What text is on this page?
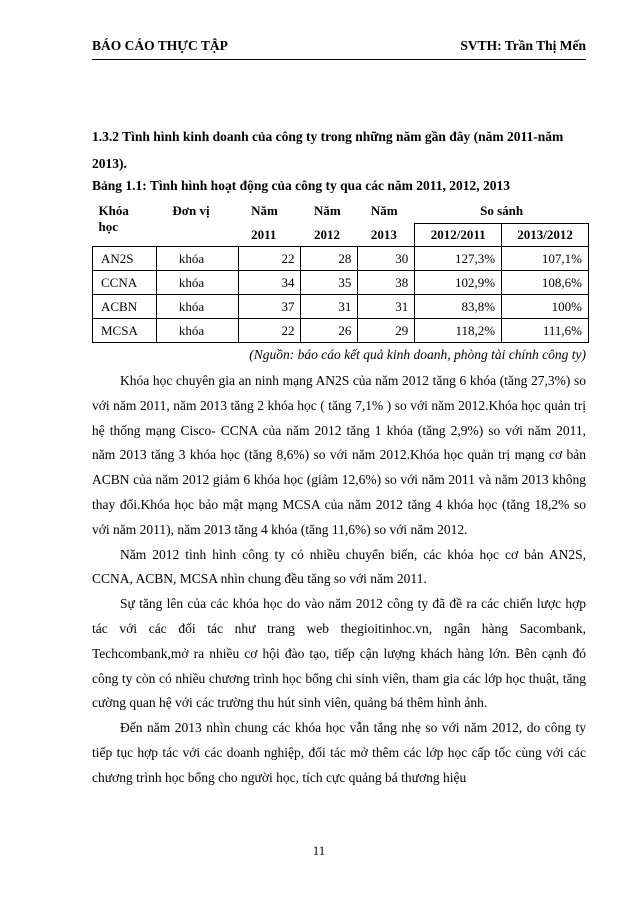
BÁO CÁO THỰC TẬP	SVTH: Trần Thị Mến

1.3.2 Tình hình kinh doanh của công ty trong những năm gần đây (năm 2011-năm 2013).

Bảng 1.1: Tình hình hoạt động của công ty qua các năm 2011, 2012, 2013

Khóa học	Đơn vị	Năm	Năm	Năm	So sánh	
		2011	2012	2013	2012/2011	2013/2012
AN2S	khóa	22	28	30	127,3%	107,1%
CCNA	khóa	34	35	38	102,9%	108,6%
ACBN	khóa	37	31	31	83,8%	100%
MCSA	khóa	22	26	29	118,2%	111,6%

(Nguồn: báo cáo kết quả kinh doanh, phòng tài chính công ty)

Khóa học chuyên gia an ninh mạng AN2S của năm 2012 tăng 6 khóa (tăng 27,3%) so với năm 2011, năm 2013 tăng 2 khóa học ( tăng 7,1% ) so với năm 2012.Khóa học quản trị hệ thống mạng Cisco- CCNA của năm 2012 tăng 1 khóa (tăng 2,9%) so với năm 2011, năm 2013 tăng 3 khóa học (tăng 8,6%) so với năm 2012.Khóa học quản trị mạng cơ bản ACBN của năm 2012 giảm 6 khóa học (giảm 12,6%) so với năm 2011 và năm 2013 không thay đổi.Khóa học bảo mật mạng MCSA của năm 2012 tăng 4 khóa học (tăng 18,2% so với năm 2011), năm 2013 tăng 4 khóa (tăng 11,6%) so với năm 2012.

Năm 2012 tình hình công ty có nhiều chuyển biến, các khóa học cơ bản AN2S, CCNA, ACBN, MCSA nhìn chung đều tăng so với năm 2011.

Sự tăng lên của các khóa học do vào năm 2012 công ty đã đề ra các chiến lược hợp tác với các đối tác như trang web thegioitinhoc.vn, ngân hàng Sacombank, Techcombank,mở ra nhiều cơ hội đào tạo, tiếp cận lượng khách hàng lớn. Bên cạnh đó công ty còn có nhiều chương trình học bổng chi sinh viên, tham gia các lớp học thuật, tăng cường quan hệ với các trường thu hút sinh viên, quảng bá thêm hình ảnh.

Đến năm 2013 nhìn chung các khóa học vẫn tăng nhẹ so với năm 2012, do công ty tiếp tục hợp tác với các doanh nghiệp, đối tác mở thêm các lớp học cấp tốc cùng với các chương trình học bổng cho người học, tích cực quảng bá thương hiệu

11
